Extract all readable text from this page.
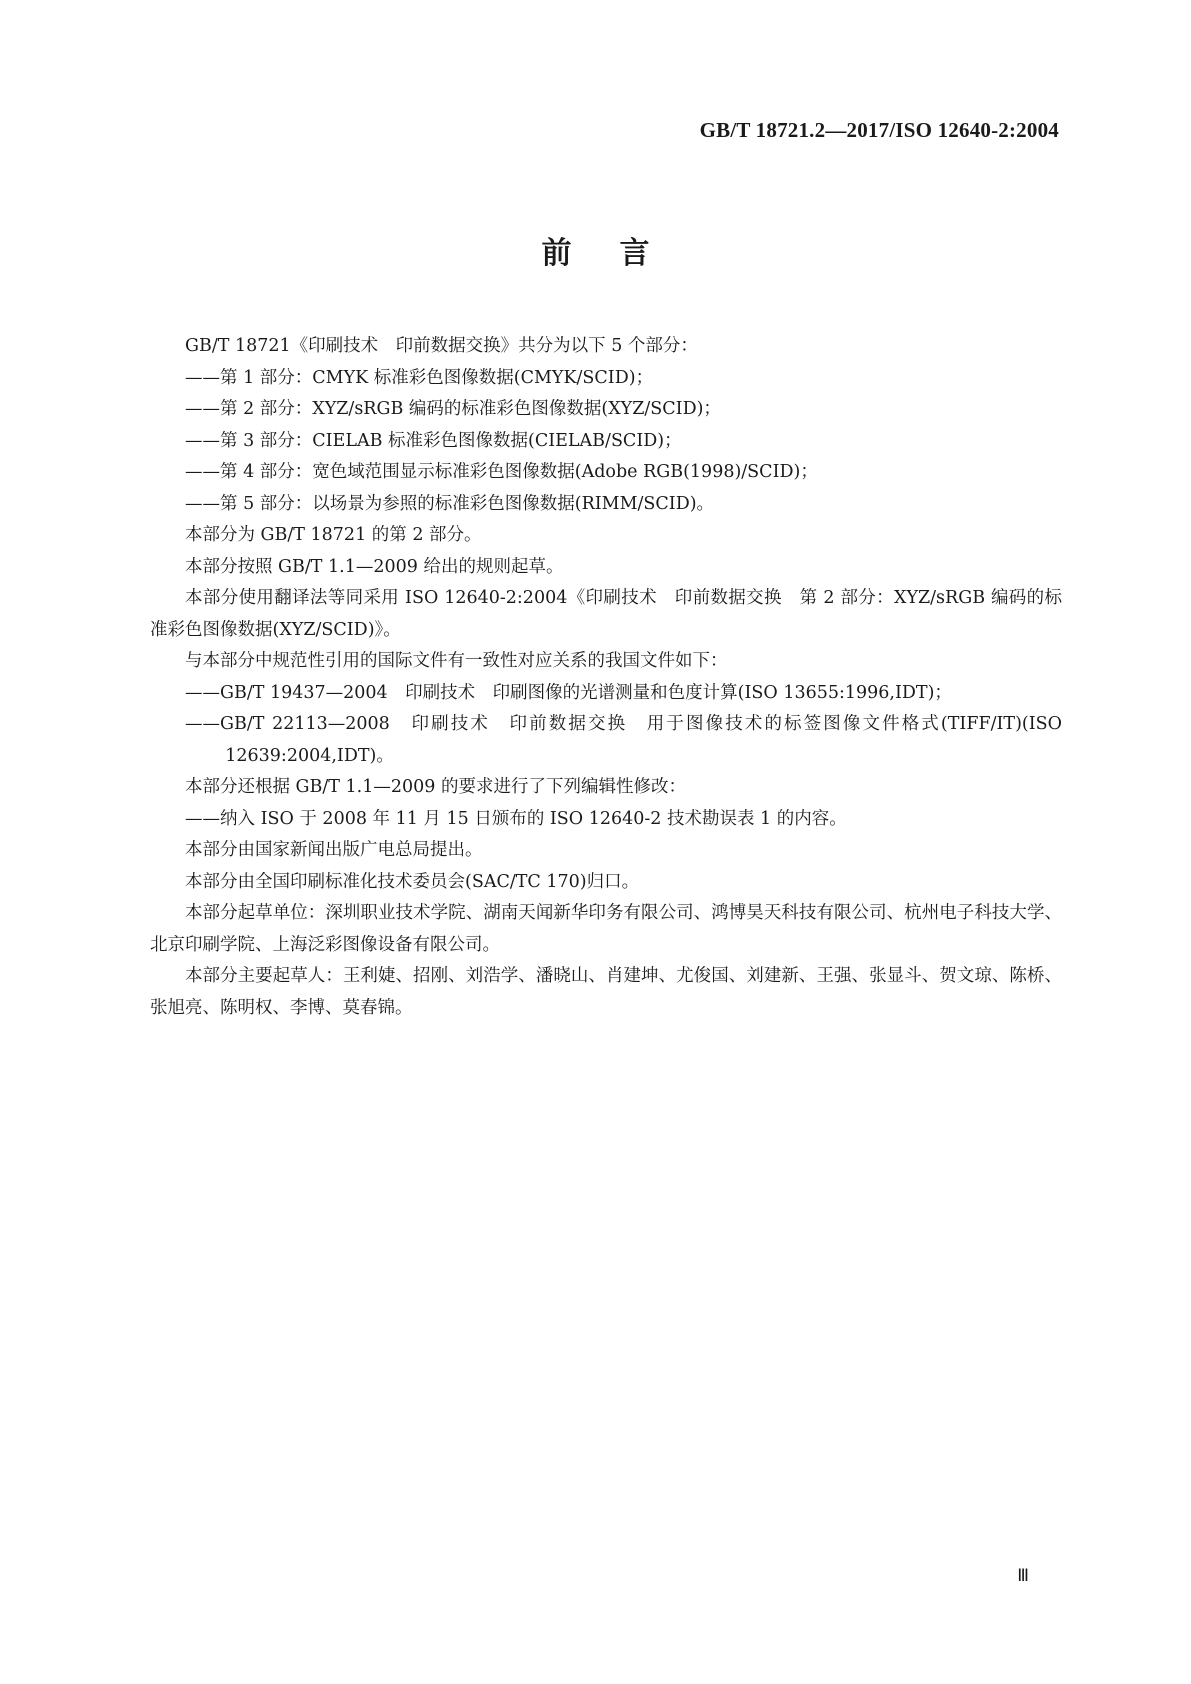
GB/T 18721.2—2017/ISO 12640-2:2004
前言

GB/T 18721《印刷技术　印前数据交换》共分为以下 5 个部分：

——第 1 部分：CMYK 标准彩色图像数据(CMYK/SCID)；

——第 2 部分：XYZ/sRGB 编码的标准彩色图像数据(XYZ/SCID)；

——第 3 部分：CIELAB 标准彩色图像数据(CIELAB/SCID)；

——第 4 部分：宽色域范围显示标准彩色图像数据(Adobe RGB(1998)/SCID)；

——第 5 部分：以场景为参照的标准彩色图像数据(RIMM/SCID)。

本部分为 GB/T 18721 的第 2 部分。

本部分按照 GB/T 1.1—2009 给出的规则起草。

本部分使用翻译法等同采用 ISO 12640-2:2004《印刷技术　印前数据交换　第 2 部分：XYZ/sRGB 编码的标准彩色图像数据(XYZ/SCID)》。

与本部分中规范性引用的国际文件有一致性对应关系的我国文件如下：

——GB/T 19437—2004　印刷技术　印刷图像的光谱测量和色度计算(ISO 13655:1996,IDT)；

——GB/T 22113—2008　印刷技术　印前数据交换　用于图像技术的标签图像文件格式(TIFF/IT)(ISO 12639:2004,IDT)。

本部分还根据 GB/T 1.1—2009 的要求进行了下列编辑性修改：

——纳入 ISO 于 2008 年 11 月 15 日颁布的 ISO 12640-2 技术勘误表 1 的内容。

本部分由国家新闻出版广电总局提出。

本部分由全国印刷标准化技术委员会(SAC/TC 170)归口。

本部分起草单位：深圳职业技术学院、湖南天闻新华印务有限公司、鸿博昊天科技有限公司、杭州电子科技大学、北京印刷学院、上海泛彩图像设备有限公司。

本部分主要起草人：王利婕、招刚、刘浩学、潘晓山、肖建坤、尤俊国、刘建新、王强、张显斗、贺文琼、陈桥、张旭亮、陈明权、李博、莫春锦。

Ⅲ
